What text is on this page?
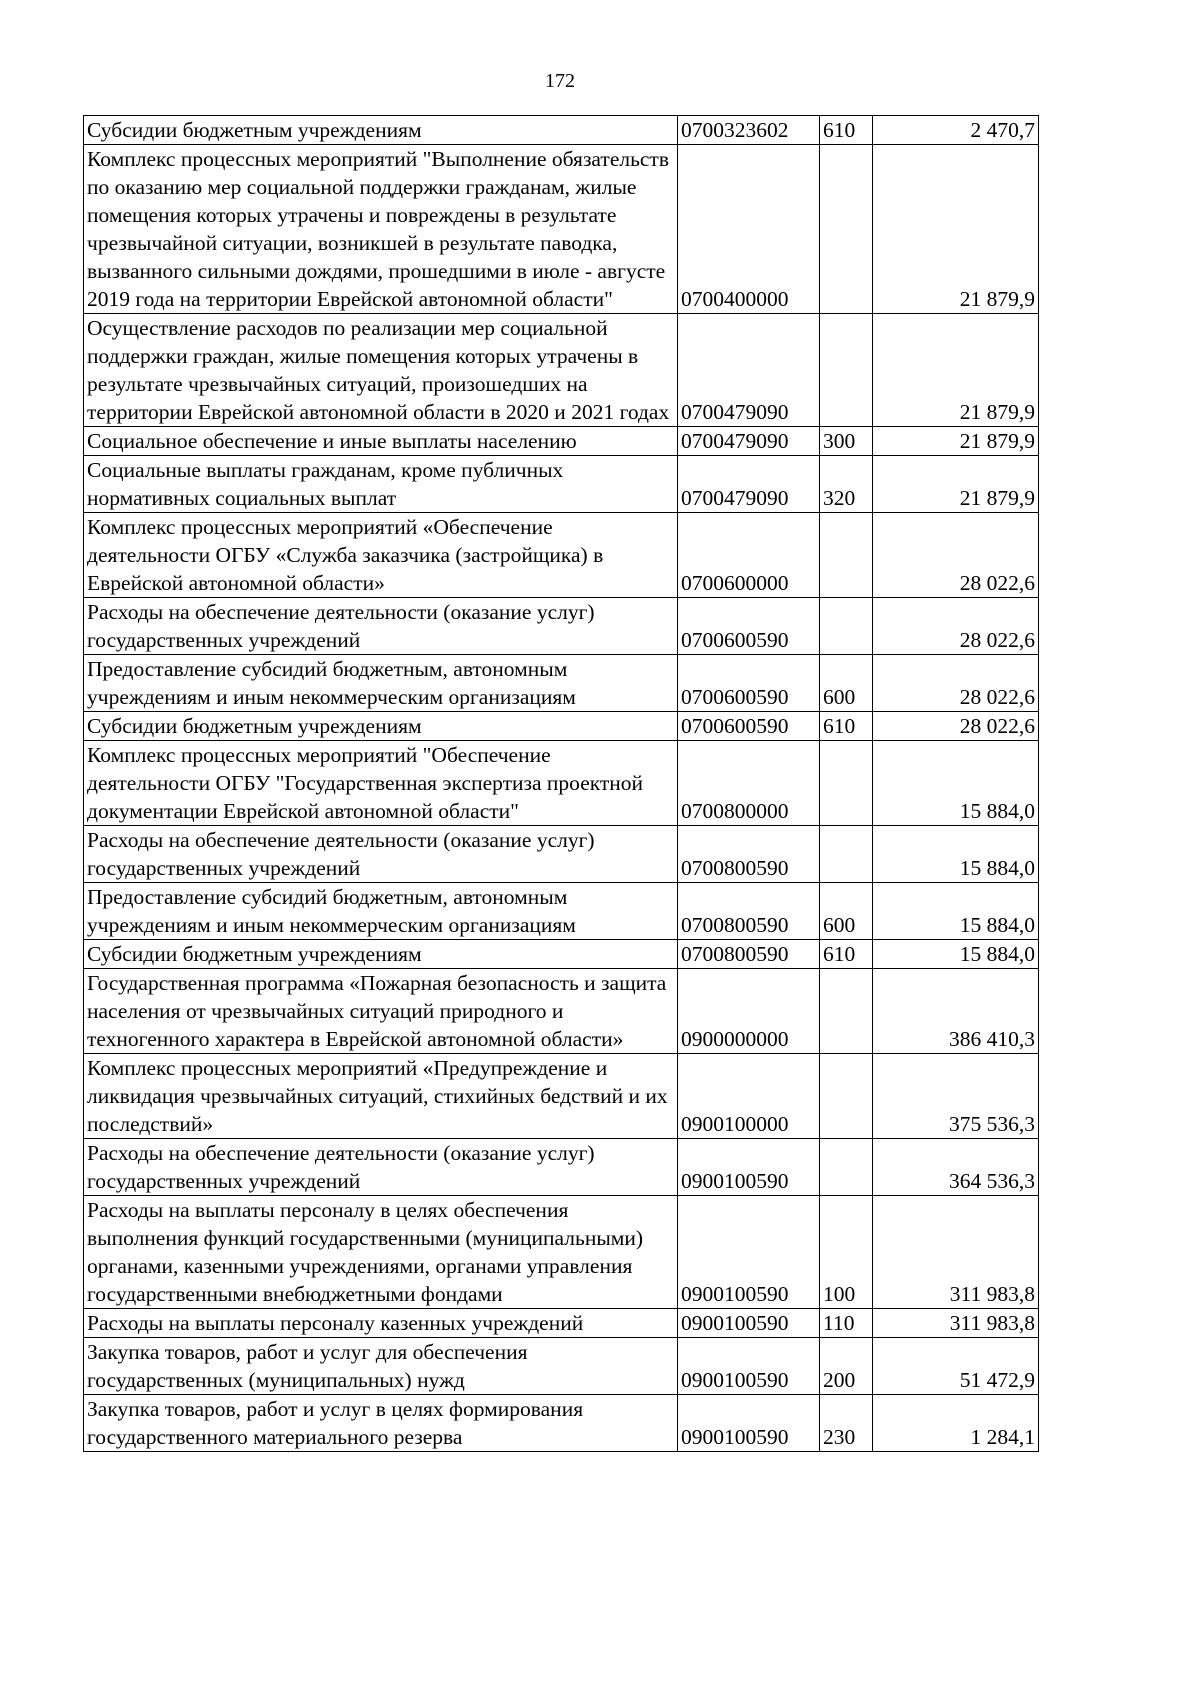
172
Субсидии бюджетным учреждениям	0700323602	610	2 470,7
Комплекс процессных мероприятий "Выполнение обязательств по оказанию мер социальной поддержки гражданам, жилые помещения которых утрачены и повреждены в результате чрезвычайной ситуации, возникшей в результате паводка, вызванного сильными дождями, прошедшими в июле - августе 2019 года на территории Еврейской автономной области"	0700400000		21 879,9
Осуществление расходов по реализации мер социальной поддержки граждан, жилые помещения которых утрачены в результате чрезвычайных ситуаций, произошедших на территории Еврейской автономной области в 2020 и 2021 годах	0700479090		21 879,9
Социальное обеспечение и иные выплаты населению	0700479090	300	21 879,9
Социальные выплаты гражданам, кроме публичных нормативных социальных выплат	0700479090	320	21 879,9
Комплекс процессных мероприятий «Обеспечение деятельности ОГБУ «Служба заказчика (застройщика) в Еврейской автономной области»	0700600000		28 022,6
Расходы на обеспечение деятельности (оказание услуг) государственных учреждений	0700600590		28 022,6
Предоставление субсидий бюджетным, автономным учреждениям и иным некоммерческим организациям	0700600590	600	28 022,6
Субсидии бюджетным учреждениям	0700600590	610	28 022,6
Комплекс процессных мероприятий "Обеспечение деятельности ОГБУ "Государственная экспертиза проектной документации Еврейской автономной области"	0700800000		15 884,0
Расходы на обеспечение деятельности (оказание услуг) государственных учреждений	0700800590		15 884,0
Предоставление субсидий бюджетным, автономным учреждениям и иным некоммерческим организациям	0700800590	600	15 884,0
Субсидии бюджетным учреждениям	0700800590	610	15 884,0
Государственная программа «Пожарная безопасность и защита населения от чрезвычайных ситуаций природного и техногенного характера в Еврейской автономной области»	0900000000		386 410,3
Комплекс процессных мероприятий «Предупреждение и ликвидация чрезвычайных ситуаций, стихийных бедствий и их последствий»	0900100000		375 536,3
Расходы на обеспечение деятельности (оказание услуг) государственных учреждений	0900100590		364 536,3
Расходы на выплаты персоналу в целях обеспечения выполнения функций государственными (муниципальными) органами, казенными учреждениями, органами управления государственными внебюджетными фондами	0900100590	100	311 983,8
Расходы на выплаты персоналу казенных учреждений	0900100590	110	311 983,8
Закупка товаров, работ и услуг для обеспечения государственных (муниципальных) нужд	0900100590	200	51 472,9
Закупка товаров, работ и услуг в целях формирования государственного материального резерва	0900100590	230	1 284,1
